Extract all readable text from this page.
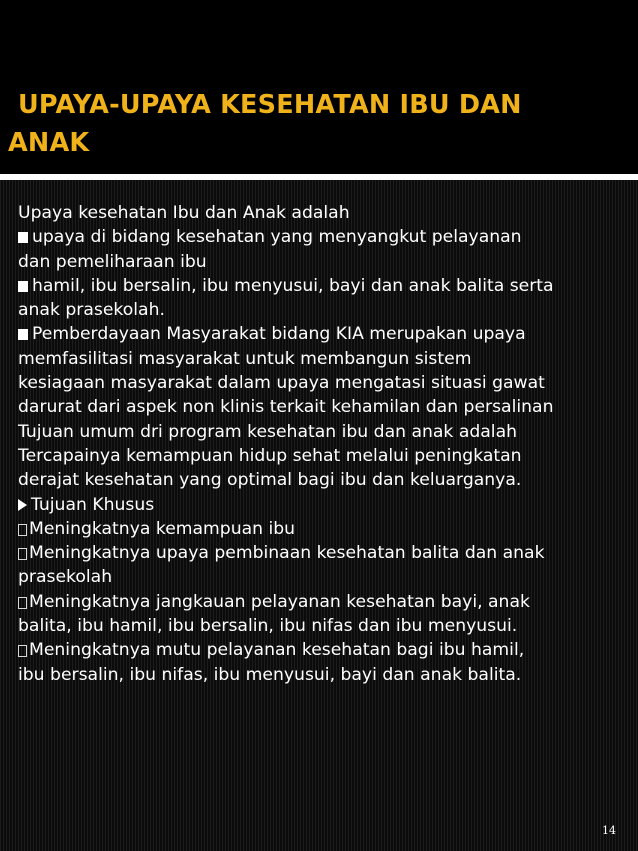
UPAYA-UPAYA KESEHATAN IBU DAN
ANAK
Upaya kesehatan Ibu dan Anak adalah
upaya di bidang kesehatan yang menyangkut pelayanan
dan pemeliharaan ibu
hamil, ibu bersalin, ibu menyusui, bayi dan anak balita serta
anak prasekolah.
Pemberdayaan Masyarakat bidang KIA merupakan upaya
memfasilitasi masyarakat untuk membangun sistem
kesiagaan masyarakat dalam upaya mengatasi situasi gawat
darurat dari aspek non klinis terkait kehamilan dan persalinan
Tujuan umum dri program kesehatan ibu dan anak adalah
Tercapainya kemampuan hidup sehat melalui peningkatan
derajat kesehatan yang optimal bagi ibu dan keluarganya.
Tujuan Khusus
Meningkatnya kemampuan ibu
Meningkatnya upaya pembinaan kesehatan balita dan anak
prasekolah
Meningkatnya jangkauan pelayanan kesehatan bayi, anak
balita, ibu hamil, ibu bersalin, ibu nifas dan ibu menyusui.
Meningkatnya mutu pelayanan kesehatan bagi ibu hamil,
ibu bersalin, ibu nifas, ibu menyusui, bayi dan anak balita.
14
